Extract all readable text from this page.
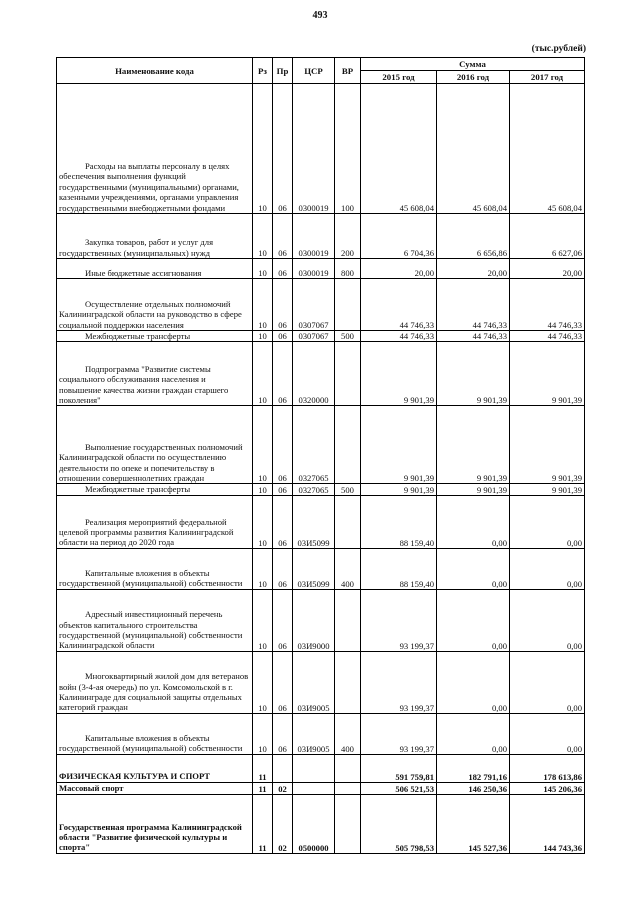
493
(тыс.рублей)
Наименование кода	Рз	Пр	ЦСР	ВР	Сумма		
					2015 год	2016 год	2017 год

Расходы на выплаты персоналу в целях обеспечения выполнения функций государственными (муниципальными) органами, казенными учреждениями, органами управления государственными внебюджетными фондами	10	06	0300019	100	45 608,04	45 608,04	45 608,04

Закупка товаров, работ и услуг для государственных (муниципальных) нужд	10	06	0300019	200	6 704,36	6 656,86	6 627,06

Иные бюджетные ассигнования	10	06	0300019	800	20,00	20,00	20,00

Осуществление отдельных полномочий Калининградской области на руководство в сфере социальной поддержки населения	10	06	0307067		44 746,33	44 746,33	44 746,33

Межбюджетные трансферты	10	06	0307067	500	44 746,33	44 746,33	44 746,33

Подпрограмма "Развитие системы социального обслуживания населения и повышение качества жизни граждан старшего поколения"	10	06	0320000		9 901,39	9 901,39	9 901,39

Выполнение государственных полномочий Калининградской области по осуществлению деятельности по опеке и попечительству в отношении совершеннолетних граждан	10	06	0327065		9 901,39	9 901,39	9 901,39

Межбюджетные трансферты	10	06	0327065	500	9 901,39	9 901,39	9 901,39

Реализация мероприятий федеральной целевой программы развития Калининградской области на период до 2020 года	10	06	03И5099		88 159,40	0,00	0,00

Капитальные вложения в объекты государственной (муниципальной) собственности	10	06	03И5099	400	88 159,40	0,00	0,00

Адресный инвестиционный перечень объектов капитального строительства государственной (муниципальной) собственности Калининградской области	10	06	03И9000		93 199,37	0,00	0,00

Многоквартирный жилой дом для ветеранов войн (3-4-ая очередь) по ул. Комсомольской в г. Калининграде для социальной защиты отдельных категорий граждан	10	06	03И9005		93 199,37	0,00	0,00

Капитальные вложения в объекты государственной (муниципальной) собственности	10	06	03И9005	400	93 199,37	0,00	0,00
ФИЗИЧЕСКАЯ КУЛЬТУРА И СПОРТ	11				591 759,81	182 791,16	178 613,86
Массовый спорт	11	02			506 521,53	146 250,36	145 206,36
Государственная программа Калининградской области "Развитие физической культуры и спорта"	11	02	0500000		505 798,53	145 527,36	144 743,36
